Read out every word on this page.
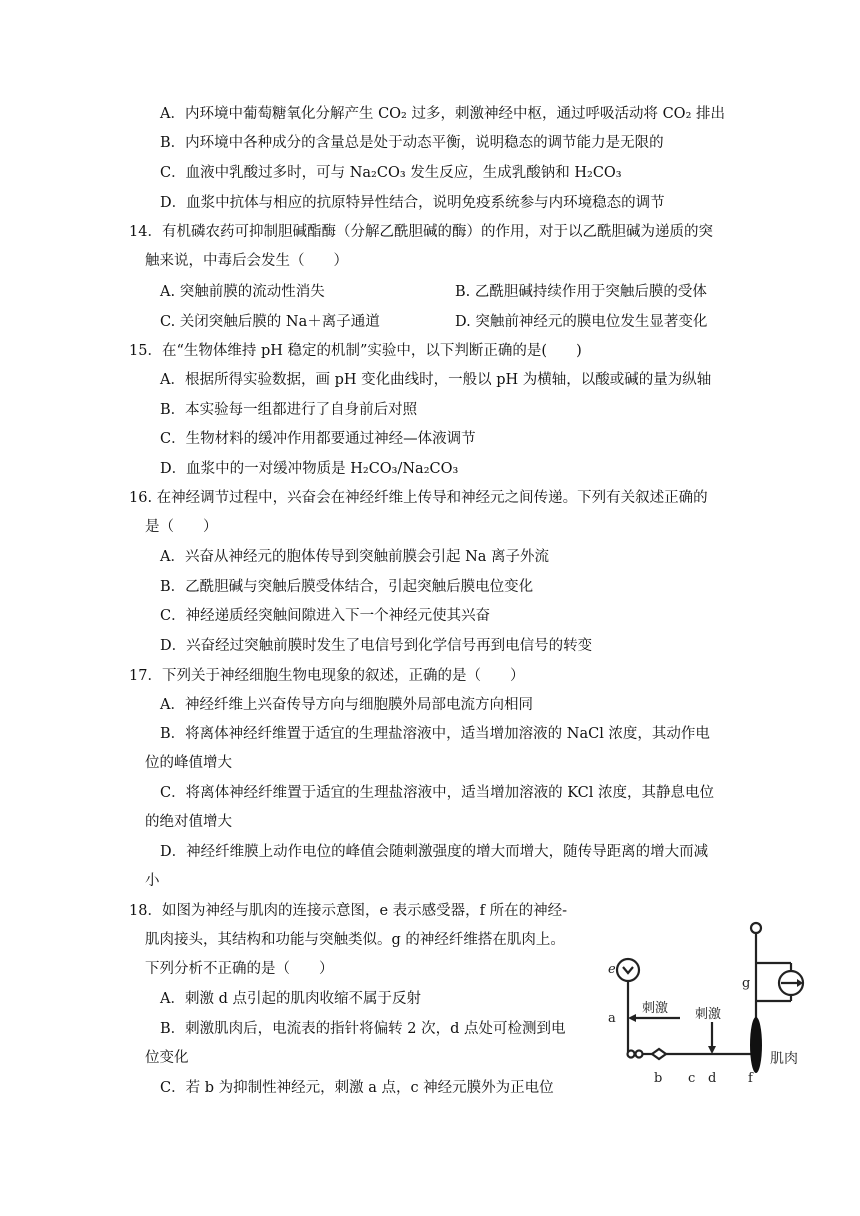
A．内环境中葡萄糖氧化分解产生 CO₂ 过多，刺激神经中枢，通过呼吸活动将 CO₂ 排出
B．内环境中各种成分的含量总是处于动态平衡，说明稳态的调节能力是无限的
C．血液中乳酸过多时，可与 Na₂CO₃ 发生反应，生成乳酸钠和 H₂CO₃
D．血浆中抗体与相应的抗原特异性结合，说明免疫系统参与内环境稳态的调节
14．有机磷农药可抑制胆碱酯酶（分解乙酰胆碱的酶）的作用，对于以乙酰胆碱为递质的突
触来说，中毒后会发生（　　）
A. 突触前膜的流动性消失	B. 乙酰胆碱持续作用于突触后膜的受体
C. 关闭突触后膜的 Na＋离子通道	D. 突触前神经元的膜电位发生显著变化
15．在“生物体维持 pH 稳定的机制”实验中，以下判断正确的是(　　)
A．根据所得实验数据，画 pH 变化曲线时，一般以 pH 为横轴，以酸或碱的量为纵轴
B．本实验每一组都进行了自身前后对照
C．生物材料的缓冲作用都要通过神经—体液调节
D．血浆中的一对缓冲物质是 H₂CO₃/Na₂CO₃
16. 在神经调节过程中，兴奋会在神经纤维上传导和神经元之间传递。下列有关叙述正确的
是（　　）
A．兴奋从神经元的胞体传导到突触前膜会引起 Na 离子外流
B．乙酰胆碱与突触后膜受体结合，引起突触后膜电位变化
C．神经递质经突触间隙进入下一个神经元使其兴奋
D．兴奋经过突触前膜时发生了电信号到化学信号再到电信号的转变
17．下列关于神经细胞生物电现象的叙述，正确的是（　　）
A．神经纤维上兴奋传导方向与细胞膜外局部电流方向相同
B．将离体神经纤维置于适宜的生理盐溶液中，适当增加溶液的 NaCl 浓度，其动作电
位的峰值增大
C．将离体神经纤维置于适宜的生理盐溶液中，适当增加溶液的 KCl 浓度，其静息电位
的绝对值增大
D．神经纤维膜上动作电位的峰值会随刺激强度的增大而增大，随传导距离的增大而减
小
18．如图为神经与肌肉的连接示意图，e 表示感受器，f 所在的神经-
肌肉接头，其结构和功能与突触类似。g 的神经纤维搭在肌肉上。
下列分析不正确的是（　　）
A．刺激 d 点引起的肌肉收缩不属于反射
B．刺激肌肉后，电流表的指针将偏转 2 次，d 点处可检测到电
位变化
C．若 b 为抑制性神经元，刺激 a 点，c 神经元膜外为正电位
e
a
g
b c d f
刺激 刺激
肌肉
